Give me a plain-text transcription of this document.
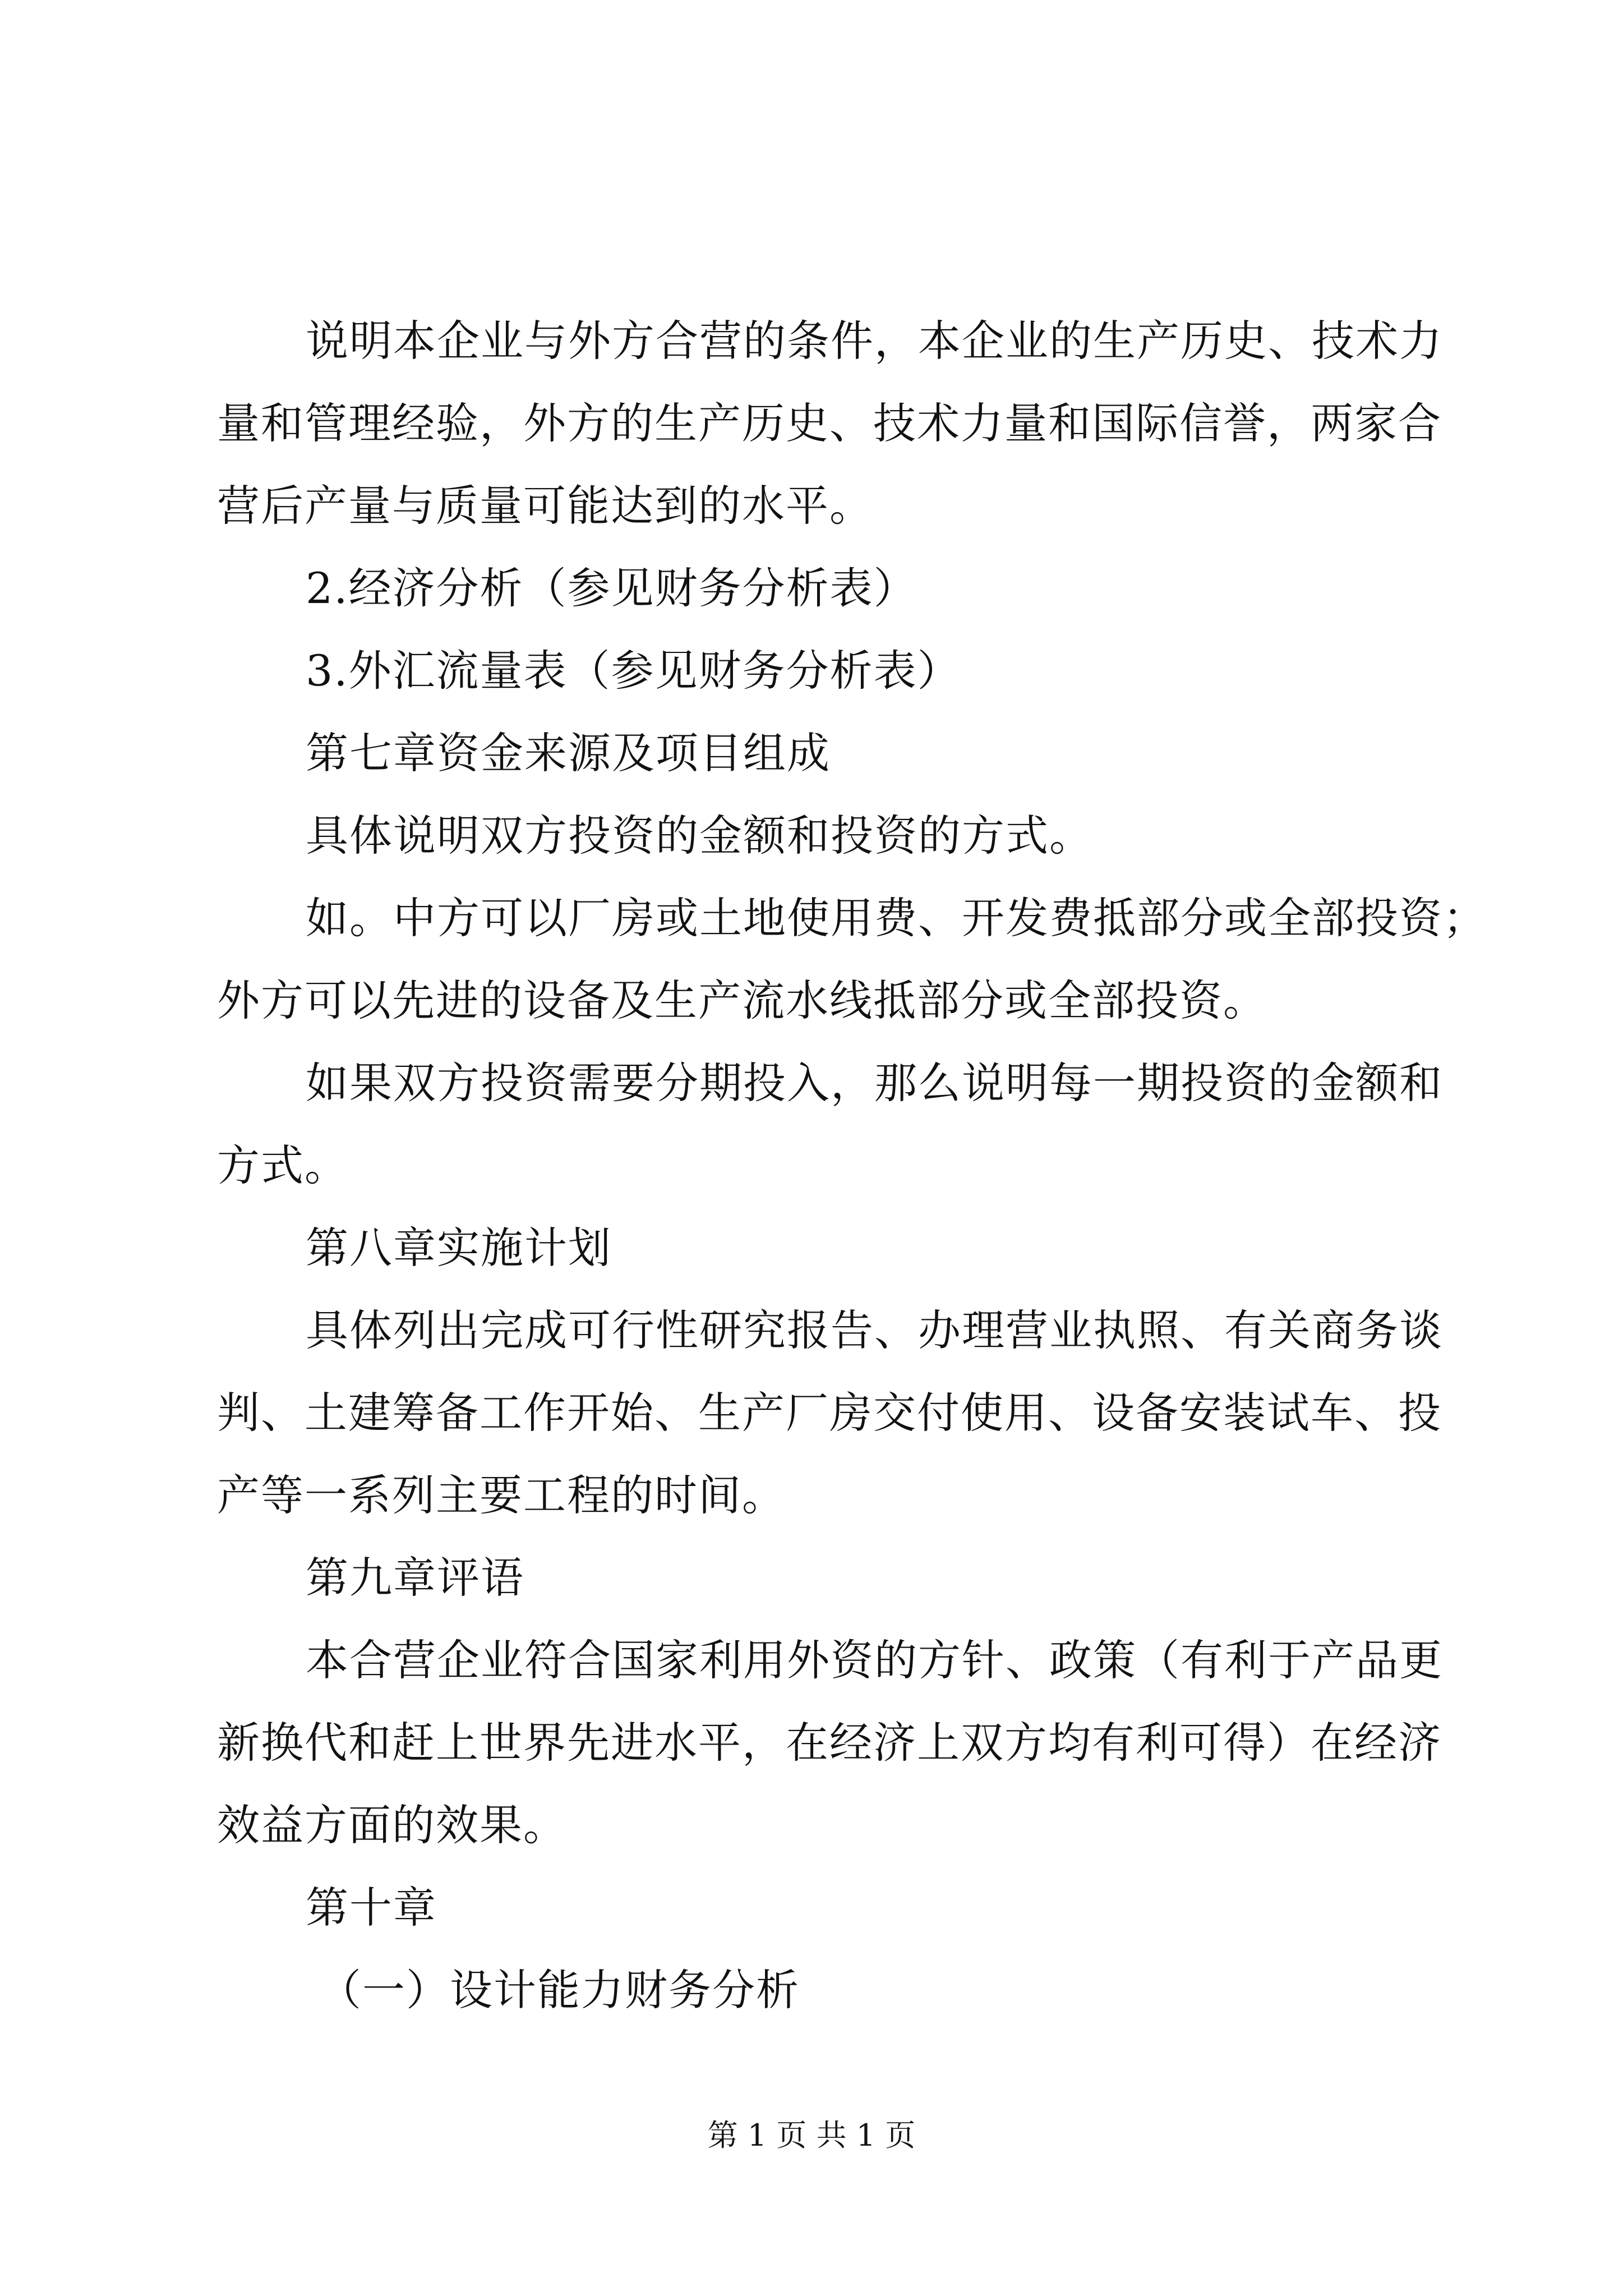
说明本企业与外方合营的条件，本企业的生产历史、技术力
量和管理经验，外方的生产历史、技术力量和国际信誉，两家合
营后产量与质量可能达到的水平。
2.经济分析（参见财务分析表）
3.外汇流量表（参见财务分析表）
第七章资金来源及项目组成
具体说明双方投资的金额和投资的方式。
如。中方可以厂房或土地使用费、开发费抵部分或全部投资；
外方可以先进的设备及生产流水线抵部分或全部投资。
如果双方投资需要分期投入，那么说明每一期投资的金额和
方式。
第八章实施计划
具体列出完成可行性研究报告、办理营业执照、有关商务谈
判、土建筹备工作开始、生产厂房交付使用、设备安装试车、投
产等一系列主要工程的时间。
第九章评语
本合营企业符合国家利用外资的方针、政策（有利于产品更
新换代和赶上世界先进水平，在经济上双方均有利可得）在经济
效益方面的效果。
第十章
（一）设计能力财务分析
第 1 页 共 1 页
